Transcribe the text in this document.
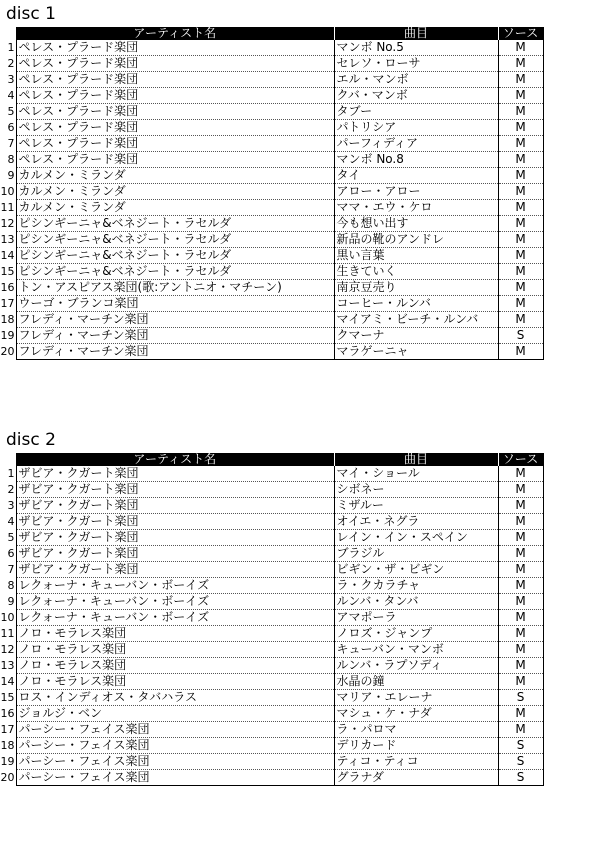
disc 1
	アーティスト名	曲目	ソース
1	ペレス・プラード楽団	マンボ No.5	M
2	ペレス・プラード楽団	セレソ・ローサ	M
3	ペレス・プラード楽団	エル・マンボ	M
4	ペレス・プラード楽団	クバ・マンボ	M
5	ペレス・プラード楽団	タブー	M
6	ペレス・プラード楽団	パトリシア	M
7	ペレス・プラード楽団	パーフィディア	M
8	ペレス・プラード楽団	マンボ No.8	M
9	カルメン・ミランダ	タイ	M
10	カルメン・ミランダ	アロー・アロー	M
11	カルメン・ミランダ	ママ・エウ・ケロ	M
12	ピシンギーニャ&ベネジート・ラセルダ	今も想い出す	M
13	ピシンギーニャ&ベネジート・ラセルダ	新品の靴のアンドレ	M
14	ピシンギーニャ&ベネジート・ラセルダ	黒い言葉	M
15	ピシンギーニャ&ベネジート・ラセルダ	生きていく	M
16	トン・アスピアス楽団(歌:アントニオ・マチーン)	南京豆売り	M
17	ウーゴ・ブランコ楽団	コーヒー・ルンバ	M
18	フレディ・マーチン楽団	マイアミ・ビーチ・ルンバ	M
19	フレディ・マーチン楽団	クマーナ	S
20	フレディ・マーチン楽団	マラゲーニャ	M
disc 2
	アーティスト名	曲目	ソース
1	ザビア・クガート楽団	マイ・ショール	M
2	ザビア・クガート楽団	シボネー	M
3	ザビア・クガート楽団	ミザルー	M
4	ザビア・クガート楽団	オイエ・ネグラ	M
5	ザビア・クガート楽団	レイン・イン・スペイン	M
6	ザビア・クガート楽団	ブラジル	M
7	ザビア・クガート楽団	ビギン・ザ・ビギン	M
8	レクォーナ・キューバン・ボーイズ	ラ・クカラチャ	M
9	レクォーナ・キューバン・ボーイズ	ルンバ・タンバ	M
10	レクォーナ・キューバン・ボーイズ	アマポーラ	M
11	ノロ・モラレス楽団	ノロズ・ジャンプ	M
12	ノロ・モラレス楽団	キューバン・マンボ	M
13	ノロ・モラレス楽団	ルンバ・ラプソディ	M
14	ノロ・モラレス楽団	水晶の鐘	M
15	ロス・インディオス・タバハラス	マリア・エレーナ	S
16	ジョルジ・ベン	マシュ・ケ・ナダ	M
17	パーシー・フェイス楽団	ラ・パロマ	M
18	パーシー・フェイス楽団	デリカード	S
19	パーシー・フェイス楽団	ティコ・ティコ	S
20	パーシー・フェイス楽団	グラナダ	S
